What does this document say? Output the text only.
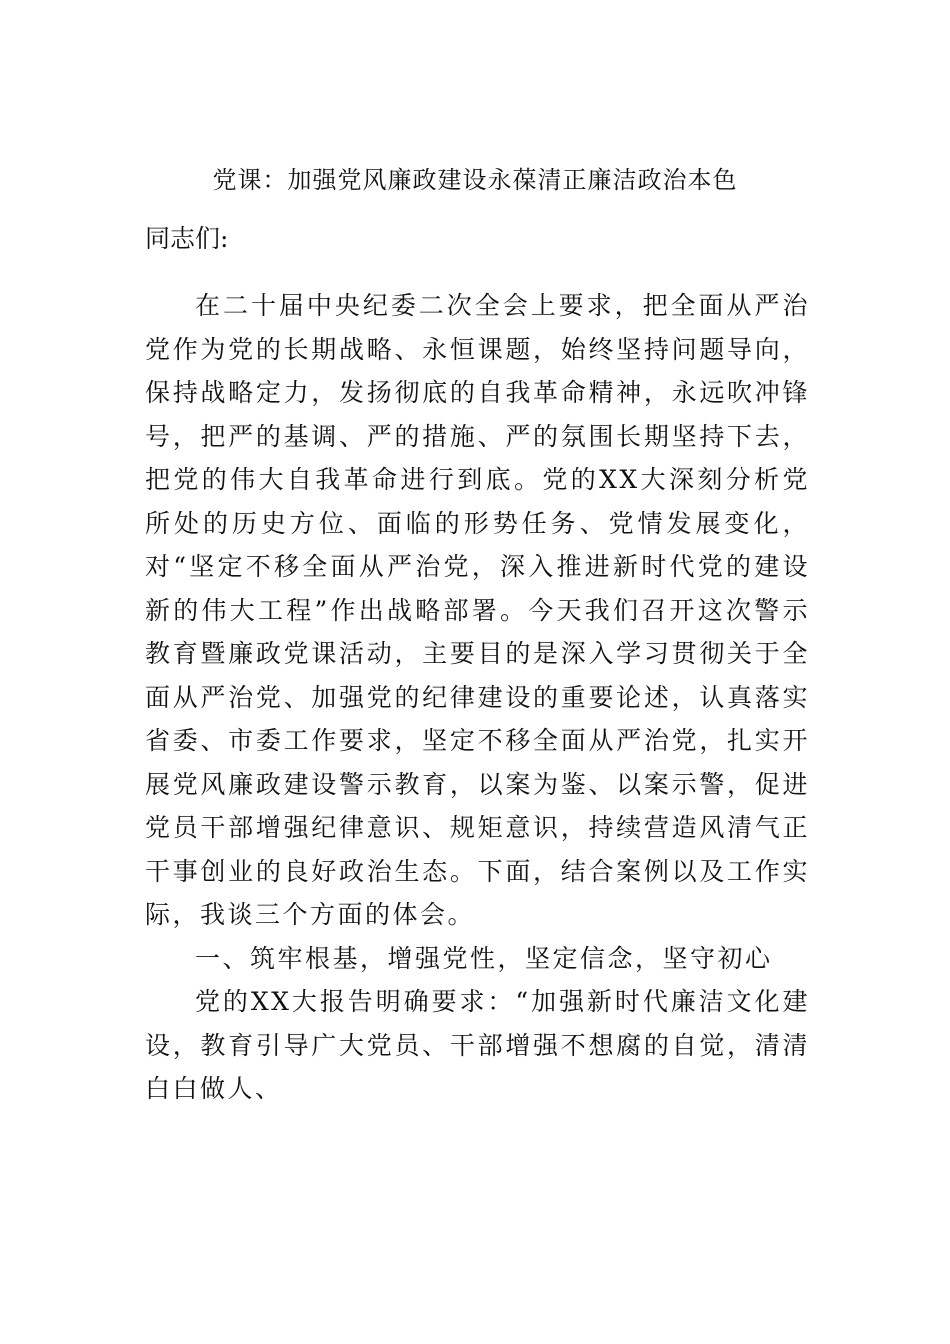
党课：加强党风廉政建设永葆清正廉洁政治本色
同志们:

在二十届中央纪委二次全会上要求，把全面从严治党作为党的长期战略、永恒课题，始终坚持问题导向，保持战略定力，发扬彻底的自我革命精神，永远吹冲锋号，把严的基调、严的措施、严的氛围长期坚持下去，把党的伟大自我革命进行到底。党的XX大深刻分析党所处的历史方位、面临的形势任务、党情发展变化，对“坚定不移全面从严治党，深入推进新时代党的建设新的伟大工程”作出战略部署。今天我们召开这次警示教育暨廉政党课活动，主要目的是深入学习贯彻关于全面从严治党、加强党的纪律建设的重要论述，认真落实省委、市委工作要求，坚定不移全面从严治党，扎实开展党风廉政建设警示教育，以案为鉴、以案示警，促进党员干部增强纪律意识、规矩意识，持续营造风清气正干事创业的良好政治生态。下面，结合案例以及工作实际，我谈三个方面的体会。

一、筑牢根基，增强党性，坚定信念，坚守初心

党的XX大报告明确要求：“加强新时代廉洁文化建设，教育引导广大党员、干部增强不想腐的自觉，清清白白做人、
